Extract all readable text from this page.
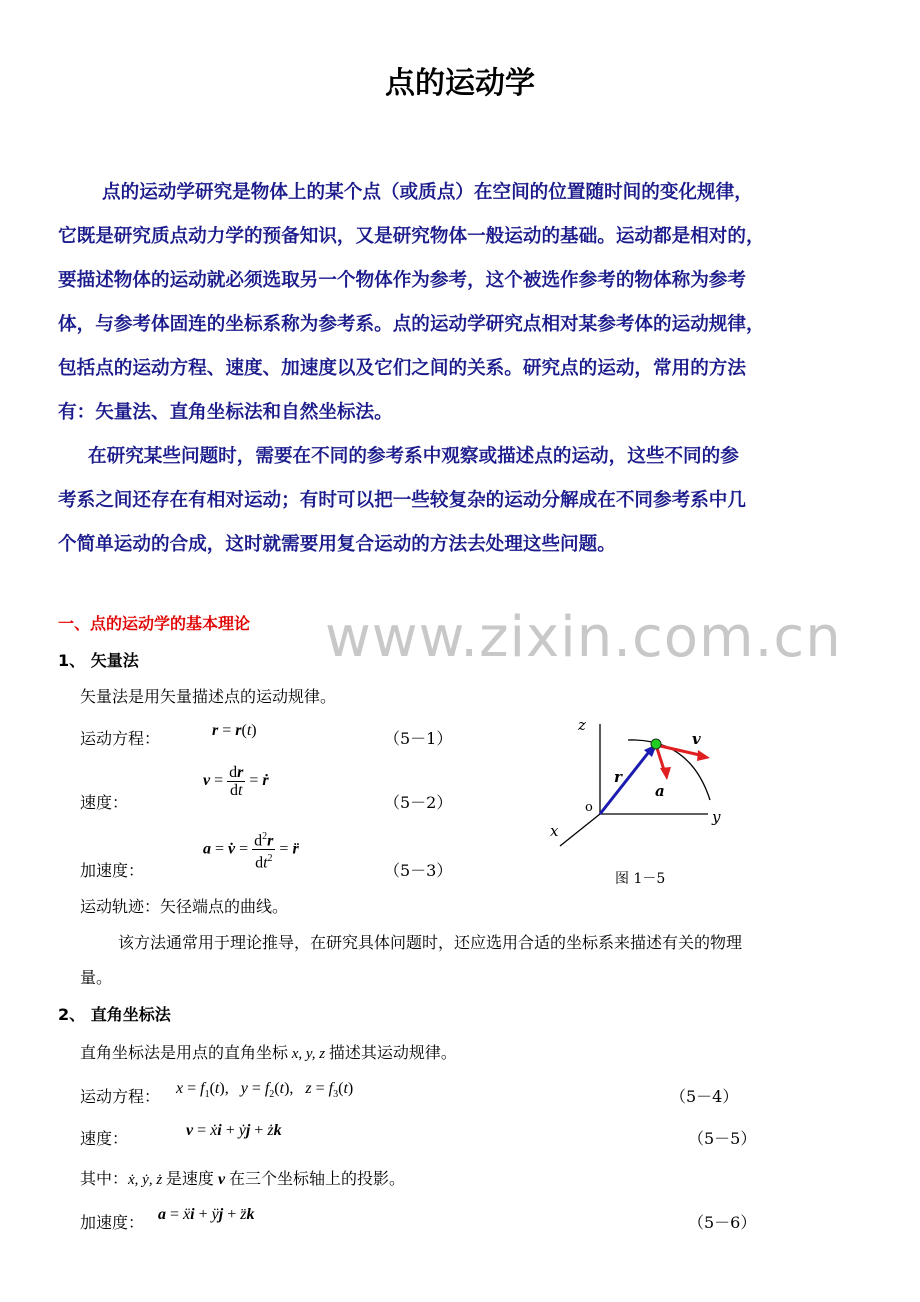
点的运动学
点的运动学研究是物体上的某个点（或质点）在空间的位置随时间的变化规律，
它既是研究质点动力学的预备知识，又是研究物体一般运动的基础。运动都是相对的，
要描述物体的运动就必须选取另一个物体作为参考，这个被选作参考的物体称为参考
体，与参考体固连的坐标系称为参考系。点的运动学研究点相对某参考体的运动规律，
包括点的运动方程、速度、加速度以及它们之间的关系。研究点的运动，常用的方法
有：矢量法、直角坐标法和自然坐标法。
在研究某些问题时，需要在不同的参考系中观察或描述点的运动，这些不同的参
考系之间还存在有相对运动；有时可以把一些较复杂的运动分解成在不同参考系中几
个简单运动的合成，这时就需要用复合运动的方法去处理这些问题。
www.zixin.com.cn
一、点的运动学的基本理论
1、 矢量法
矢量法是用矢量描述点的运动规律。
运动方程：	r = r(t)	（5－1）
速度：
$v = \frac{dr}{dt}$ = ṙ
（5－2）
加速度：
a = v̇ = $\frac{d^2r}{dt^2}$ = r̈
（5－3）
运动轨迹：矢径端点的曲线。
该方法通常用于理论推导，在研究具体问题时，还应选用合适的坐标系来描述有关的物理
量。
z
y
x
o
r
v
a
图 1－5
2、 直角坐标法
直角坐标法是用点的直角坐标 x, y, z 描述其运动规律。
运动方程： $x = f_1(t)$,   $y = f_2(t)$,   $z = f_3(t)$	（5－4）
速度：	v = ẋi + ẏj + żk	（5－5）
其中：ẋ, ẏ, ż 是速度 v 在三个坐标轴上的投影。
加速度： a = ẍi + ÿj + z̈k	（5－6）
